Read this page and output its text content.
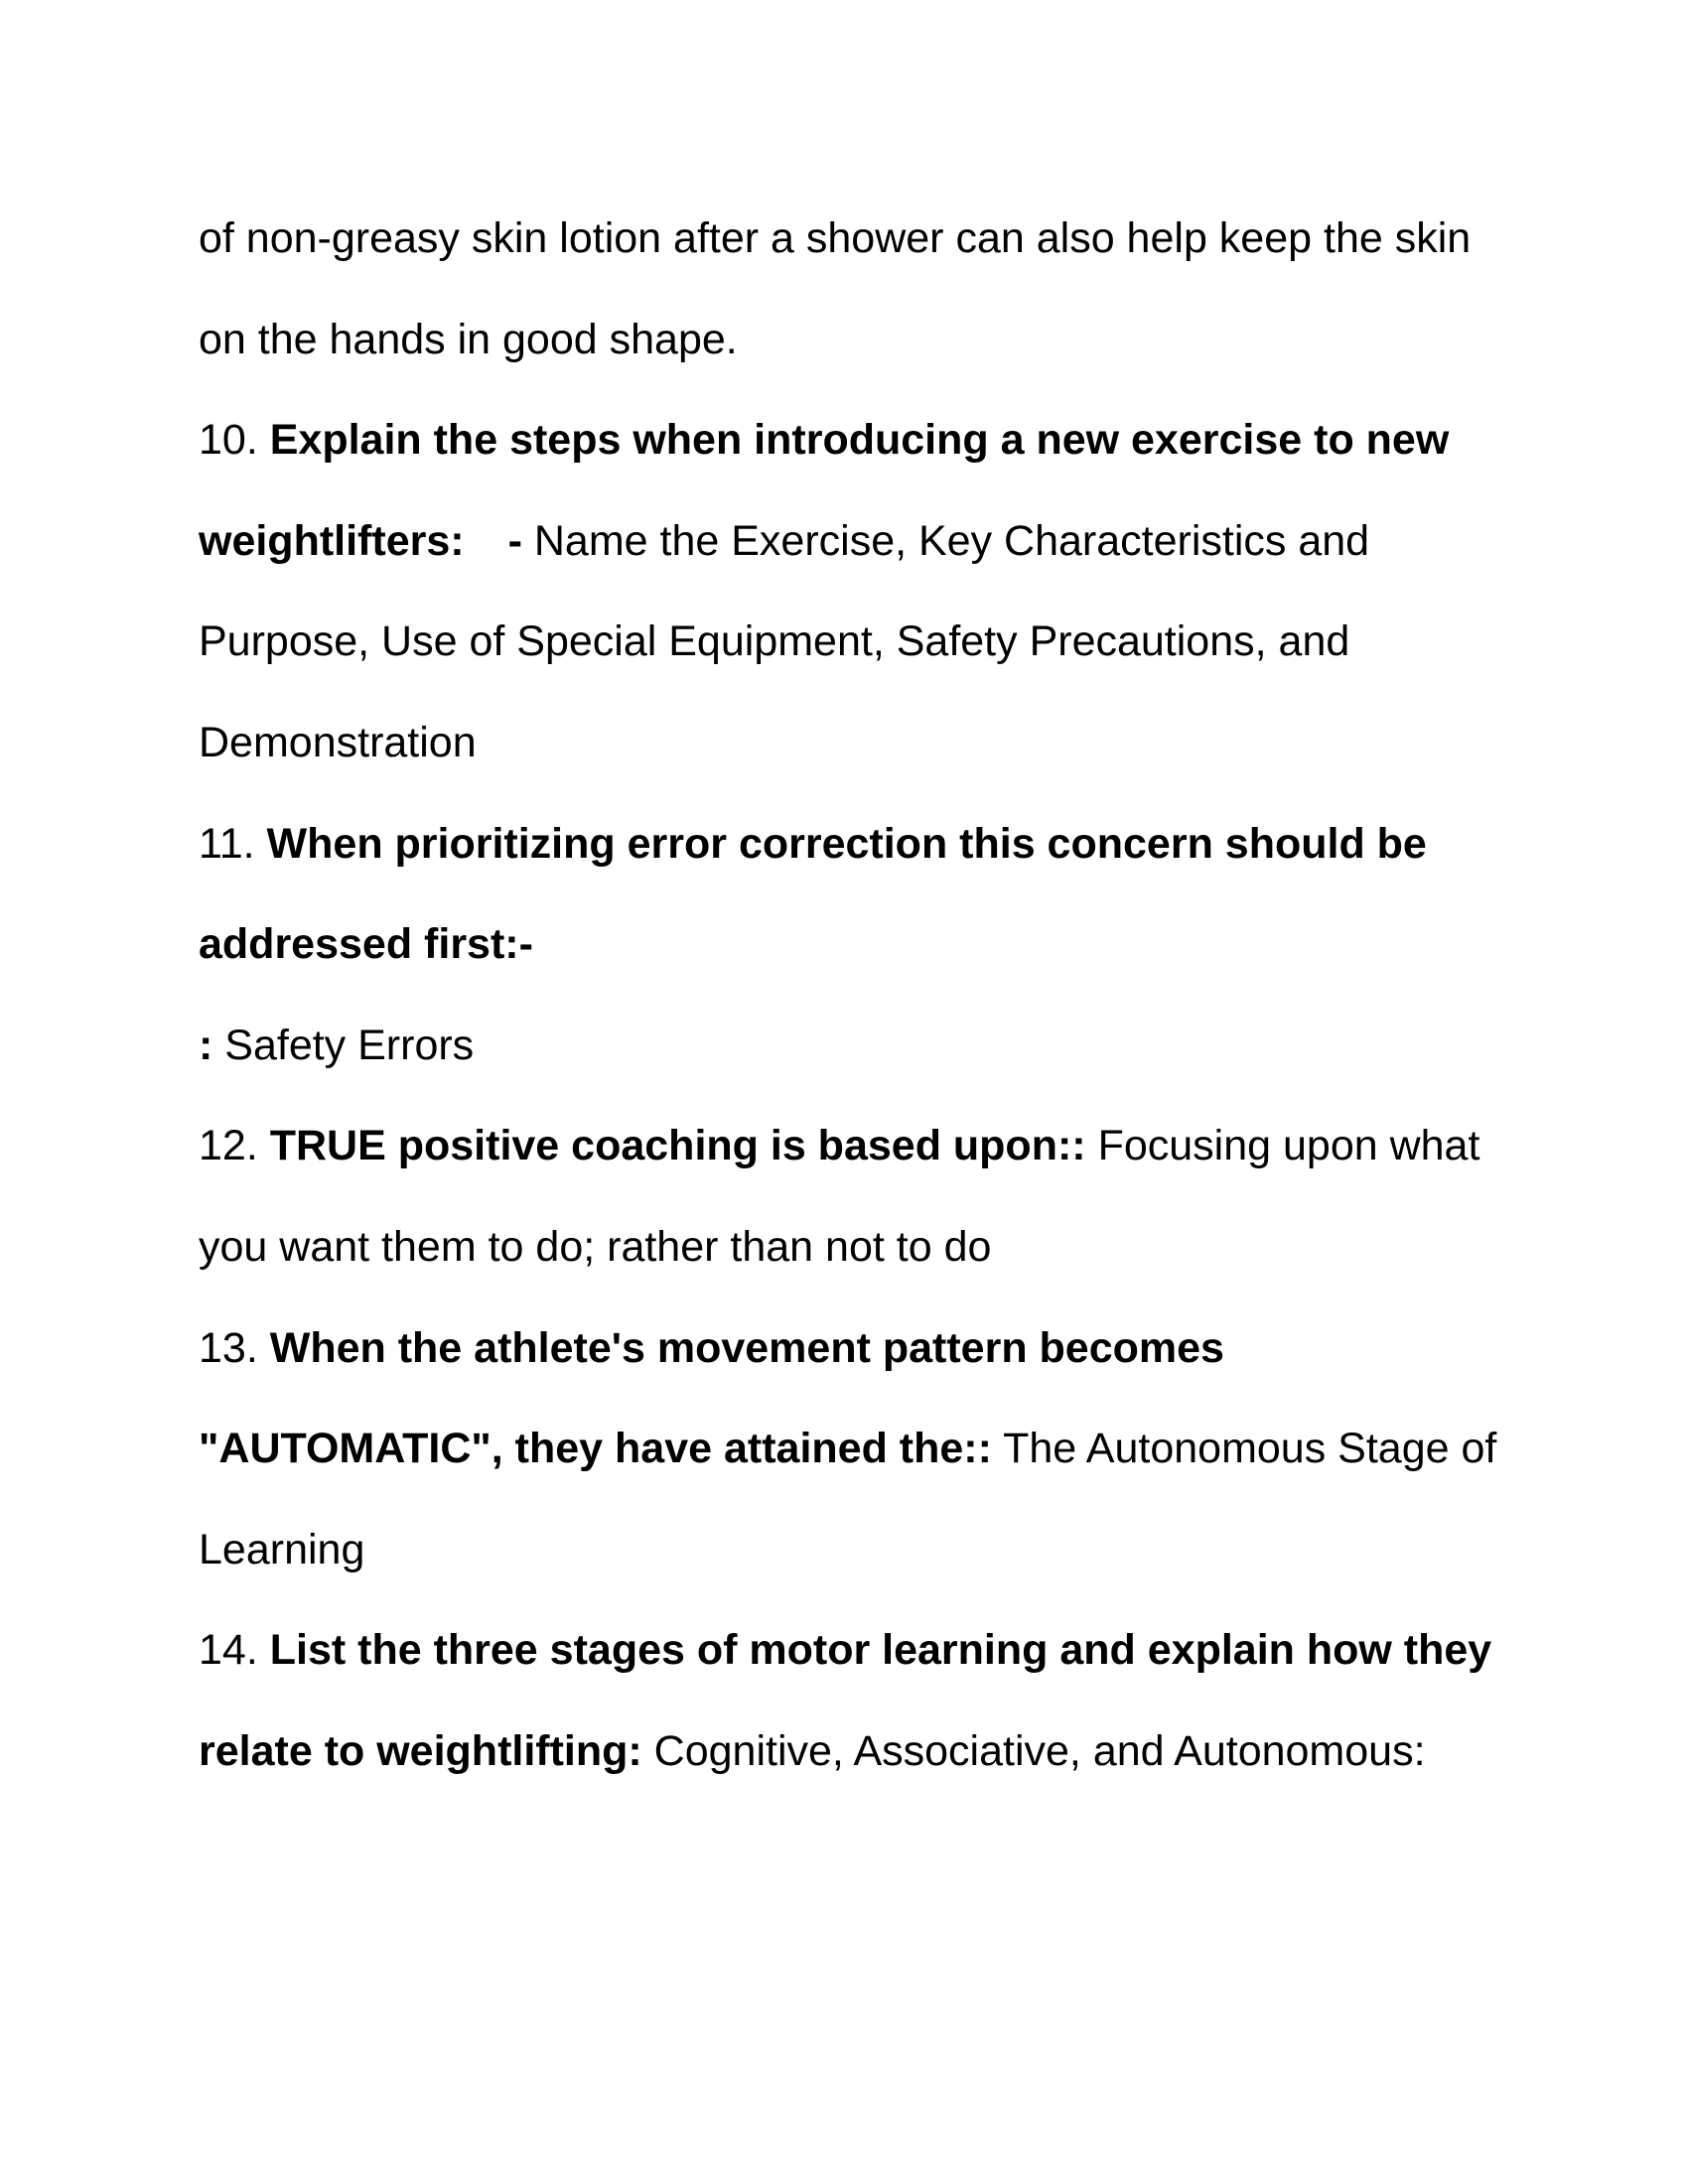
of non-greasy skin lotion after a shower can also help keep the skin on the hands in good shape.

10. Explain the steps when introducing a new exercise to new weightlifters: - Name the Exercise, Key Characteristics and Purpose, Use of Special Equipment, Safety Precautions, and Demonstration

11. When prioritizing error correction this concern should be addressed first:-

: Safety Errors

12. TRUE positive coaching is based upon:: Focusing upon what you want them to do; rather than not to do

13. When the athlete's movement pattern becomes "AUTOMATIC", they have attained the:: The Autonomous Stage of Learning

14. List the three stages of motor learning and explain how they relate to weightlifting: Cognitive, Associative, and Autonomous:
